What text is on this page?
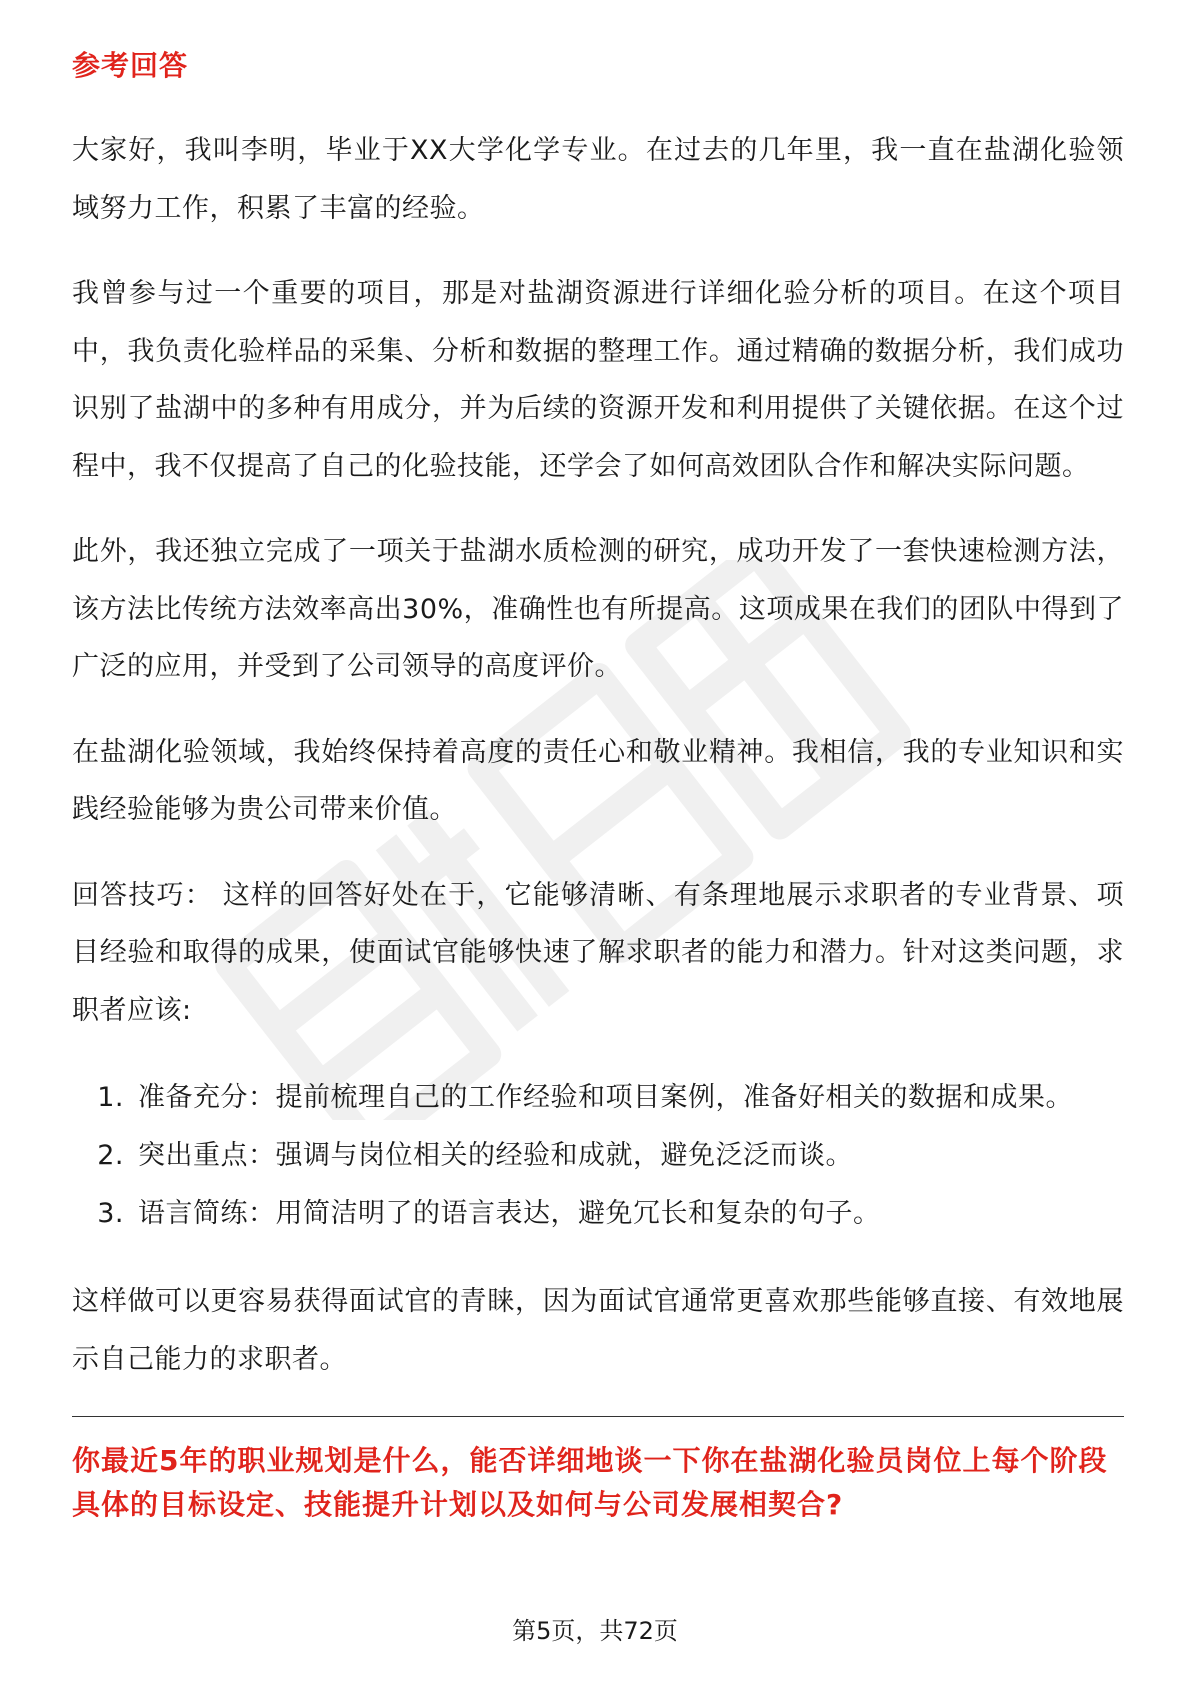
参考回答

大家好，我叫李明，毕业于XX大学化学专业。在过去的几年里，我一直在盐湖化验领域努力工作，积累了丰富的经验。

我曾参与过一个重要的项目，那是对盐湖资源进行详细化验分析的项目。在这个项目中，我负责化验样品的采集、分析和数据的整理工作。通过精确的数据分析，我们成功识别了盐湖中的多种有用成分，并为后续的资源开发和利用提供了关键依据。在这个过程中，我不仅提高了自己的化验技能，还学会了如何高效团队合作和解决实际问题。

此外，我还独立完成了一项关于盐湖水质检测的研究，成功开发了一套快速检测方法，该方法比传统方法效率高出30%，准确性也有所提高。这项成果在我们的团队中得到了广泛的应用，并受到了公司领导的高度评价。

在盐湖化验领域，我始终保持着高度的责任心和敬业精神。我相信，我的专业知识和实践经验能够为贵公司带来价值。

回答技巧： 这样的回答好处在于，它能够清晰、有条理地展示求职者的专业背景、项目经验和取得的成果，使面试官能够快速了解求职者的能力和潜力。针对这类问题，求职者应该:

1. 准备充分：提前梳理自己的工作经验和项目案例，准备好相关的数据和成果。
2. 突出重点：强调与岗位相关的经验和成就，避免泛泛而谈。
3. 语言简练：用简洁明了的语言表达，避免冗长和复杂的句子。

这样做可以更容易获得面试官的青睐，因为面试官通常更喜欢那些能够直接、有效地展示自己能力的求职者。

你最近5年的职业规划是什么，能否详细地谈一下你在盐湖化验员岗位上每个阶段具体的目标设定、技能提升计划以及如何与公司发展相契合?

第5页，共72页
